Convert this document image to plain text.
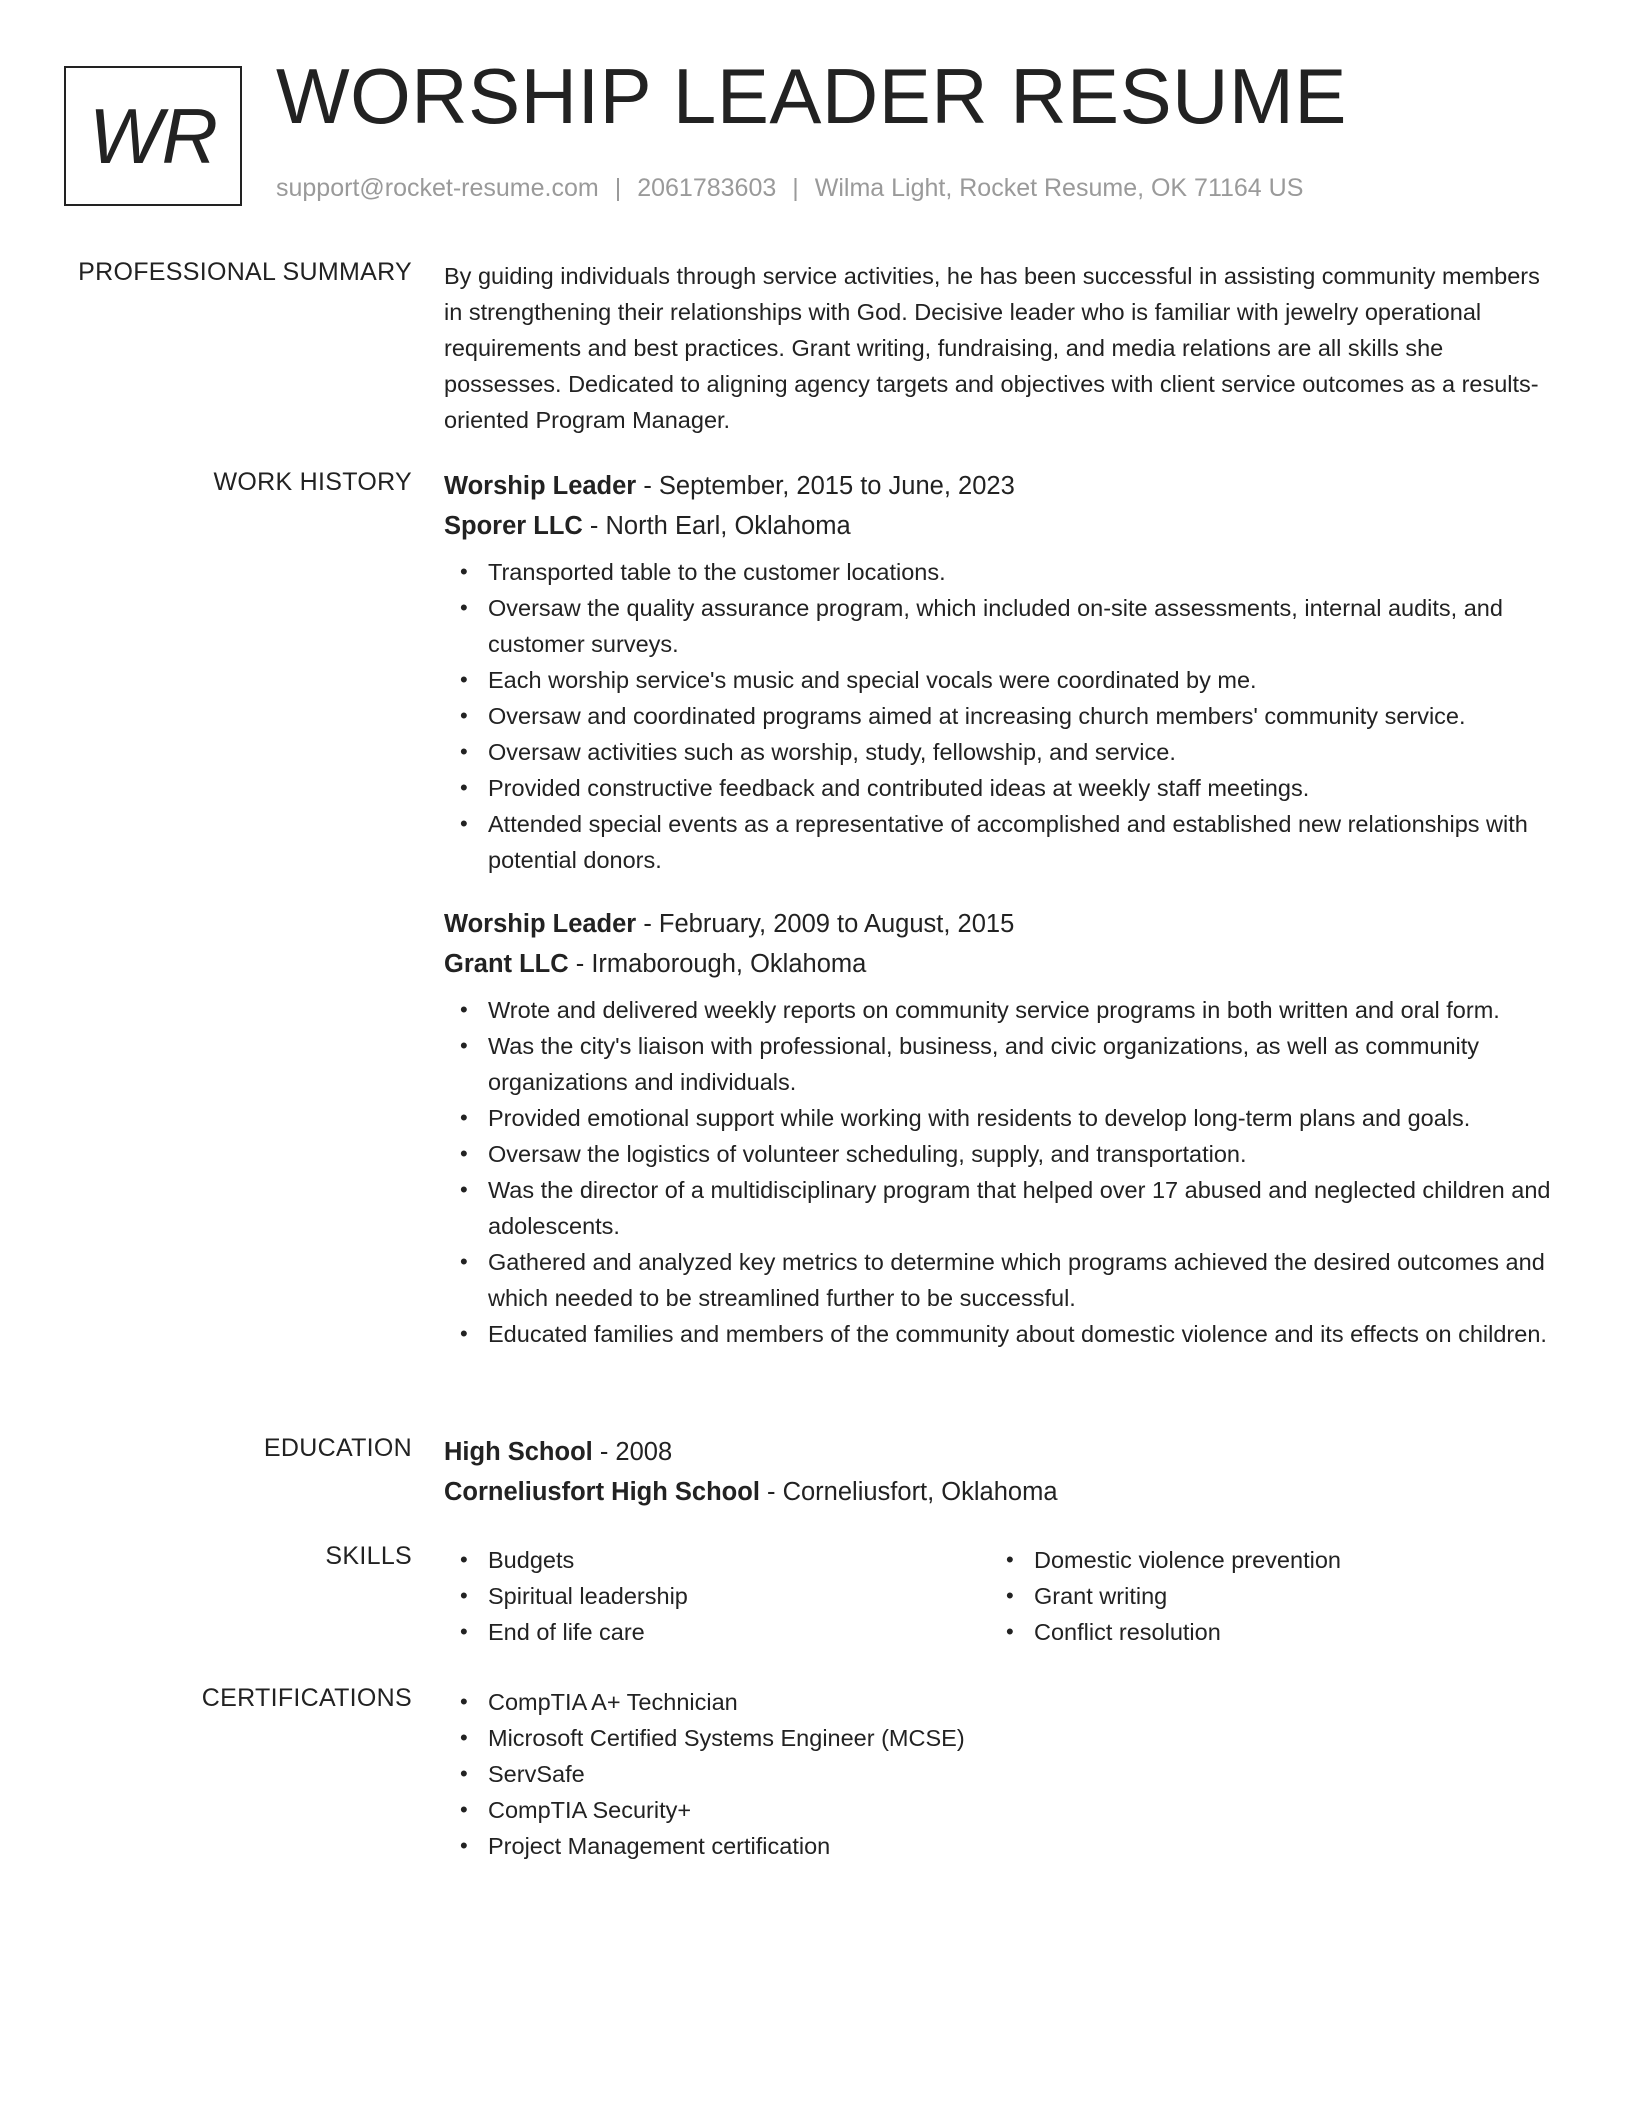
WR WORSHIP LEADER RESUME
support@rocket-resume.com | 2061783603 | Wilma Light, Rocket Resume, OK 71164 US
PROFESSIONAL SUMMARY By guiding individuals through service activities, he has been successful in assisting community members in strengthening their relationships with God. Decisive leader who is familiar with jewelry operational requirements and best practices. Grant writing, fundraising, and media relations are all skills she possesses. Dedicated to aligning agency targets and objectives with client service outcomes as a results-oriented Program Manager.

WORK HISTORY Worship Leader - September, 2015 to June, 2023
Sporer LLC - North Earl, Oklahoma
• Transported table to the customer locations.
• Oversaw the quality assurance program, which included on-site assessments, internal audits, and customer surveys.
• Each worship service's music and special vocals were coordinated by me.
• Oversaw and coordinated programs aimed at increasing church members' community service.
• Oversaw activities such as worship, study, fellowship, and service.
• Provided constructive feedback and contributed ideas at weekly staff meetings.
• Attended special events as a representative of accomplished and established new relationships with potential donors.
Worship Leader - February, 2009 to August, 2015
Grant LLC - Irmaborough, Oklahoma
• Wrote and delivered weekly reports on community service programs in both written and oral form.
• Was the city's liaison with professional, business, and civic organizations, as well as community organizations and individuals.
• Provided emotional support while working with residents to develop long-term plans and goals.
• Oversaw the logistics of volunteer scheduling, supply, and transportation.
• Was the director of a multidisciplinary program that helped over 17 abused and neglected children and adolescents.
• Gathered and analyzed key metrics to determine which programs achieved the desired outcomes and which needed to be streamlined further to be successful.
• Educated families and members of the community about domestic violence and its effects on children.
EDUCATION High School - 2008
Corneliusfort High School - Corneliusfort, Oklahoma
SKILLS	• Budgets
• Spiritual leadership
• End of life care
• Domestic violence prevention
• Grant writing
• Conflict resolution
CERTIFICATIONS	• CompTIA A+ Technician
• Microsoft Certified Systems Engineer (MCSE)
• ServSafe
• CompTIA Security+
• Project Management certification
